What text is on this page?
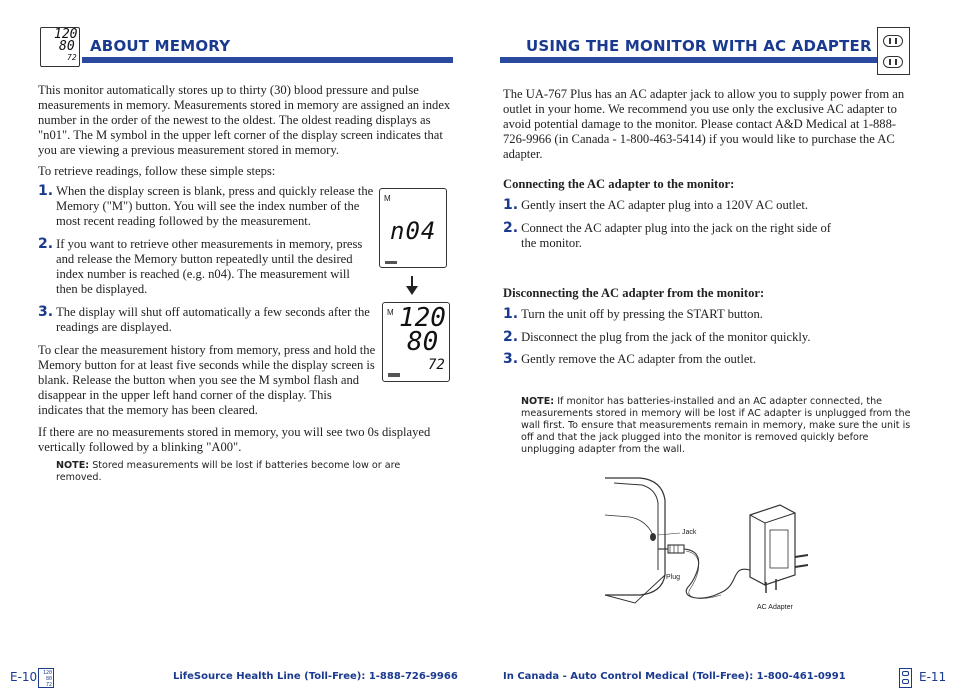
120
80
72
ABOUT MEMORY
This monitor automatically stores up to thirty (30) blood pressure and pulse measurements in memory. Measurements stored in memory are assigned an index number in the order of the newest to the oldest. The oldest reading displays as "n01". The M symbol in the upper left corner of the display screen indicates that you are viewing a previous measurement stored in memory.
To retrieve readings, follow these simple steps:
1. When the display screen is blank, press and quickly release the Memory ("M") button. You will see the index number of the most recent reading followed by the measurement.
2. If you want to retrieve other measurements in memory, press and release the Memory button repeatedly until the desired index number is reached (e.g. n04). The measurement will then be displayed.
3. The display will shut off automatically a few seconds after the readings are displayed.
M
n04
M 120
80
72
To clear the measurement history from memory, press and hold the Memory button for at least five seconds while the display screen is blank. Release the button when you see the M symbol flash and disappear in the upper left hand corner of the display. This indicates that the memory has been cleared.
If there are no measurements stored in memory, you will see two 0s displayed vertically followed by a blinking "A00".
NOTE: Stored measurements will be lost if batteries become low or are removed.
E-10	120
80
72
LifeSource Health Line (Toll-Free): 1-888-726-9966
USING THE MONITOR WITH AC ADAPTER
The UA-767 Plus has an AC adapter jack to allow you to supply power from an outlet in your home. We recommend you use only the exclusive AC adapter to avoid potential damage to the monitor. Please contact A&D Medical at 1-888-726-9966 (in Canada - 1-800-463-5414) if you would like to purchase the AC adapter.
Connecting the AC adapter to the monitor:
1. Gently insert the AC adapter plug into a 120V AC outlet.
2. Connect the AC adapter plug into the jack on the right side of the monitor.
Disconnecting the AC adapter from the monitor:
1. Turn the unit off by pressing the START button.
2. Disconnect the plug from the jack of the monitor quickly.
3. Gently remove the AC adapter from the outlet.
NOTE: If monitor has batteries-installed and an AC adapter connected, the measurements stored in memory will be lost if AC adapter is unplugged from the wall first. To ensure that measurements remain in memory, make sure the unit is off and that the jack plugged into the monitor is removed quickly before unplugging adapter from the wall.
Jack
Plug
AC Adapter
In Canada - Auto Control Medical (Toll-Free): 1-800-461-0991	E-11
